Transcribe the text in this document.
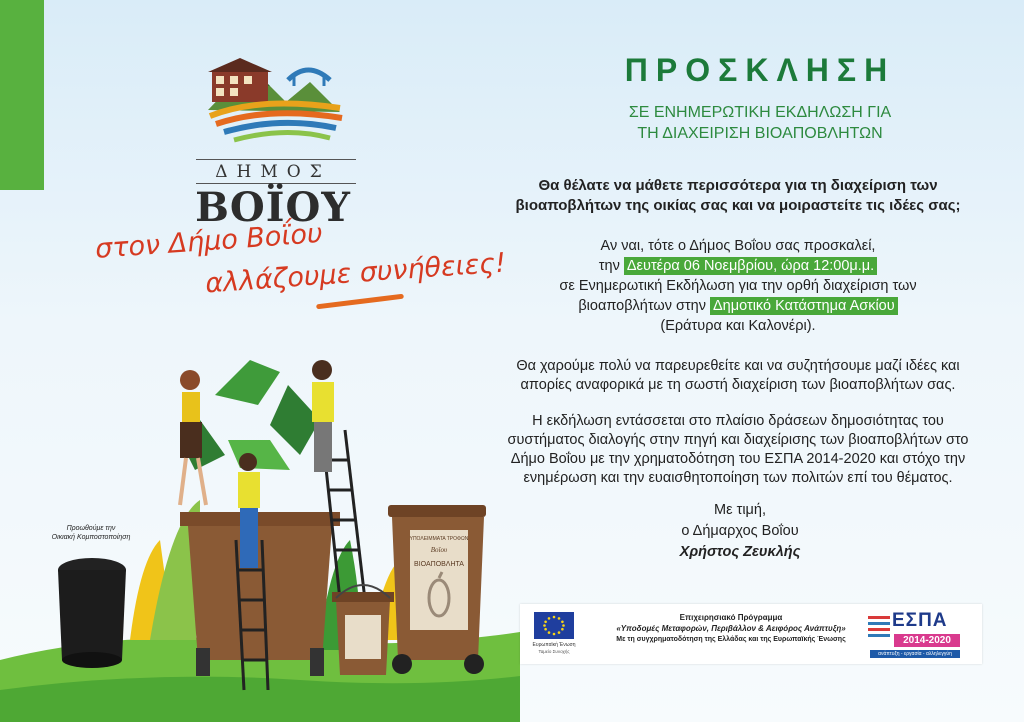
ΔΗΜΟΣ
ΒΟΪΟΥ
στον Δήμο Βοΐου
αλλάζουμε συνήθειες!
ΠΡΟΣΚΛΗΣΗ
ΣΕ ΕΝΗΜΕΡΩΤΙΚΗ ΕΚΔΗΛΩΣΗ ΓΙΑ
ΤΗ ΔΙΑΧΕΙΡΙΣΗ ΒΙΟΑΠΟΒΛΗΤΩΝ
Θα θέλατε να μάθετε περισσότερα για τη διαχείριση των
βιοαποβλήτων της οικίας σας και να μοιραστείτε τις ιδέες σας;
Αν ναι, τότε ο Δήμος Βοΐου σας προσκαλεί,
την Δευτέρα 06 Νοεμβρίου, ώρα 12:00μ.μ.
σε Ενημερωτική Εκδήλωση για την ορθή διαχείριση των
βιοαποβλήτων στην Δημοτικό Κατάστημα Ασκίου
(Εράτυρα και Καλονέρι).
Θα χαρούμε πολύ να παρευρεθείτε και να συζητήσουμε μαζί ιδέες και
απορίες αναφορικά με τη σωστή διαχείριση των βιοαποβλήτων σας.
Η εκδήλωση εντάσσεται στο πλαίσιο δράσεων δημοσιότητας του
συστήματος διαλογής στην πηγή και διαχείρισης των βιοαποβλήτων στο
Δήμο Βοΐου με την χρηματοδότηση του ΕΣΠΑ 2014-2020 και στόχο την
ενημέρωση και την ευαισθητοποίηση των πολιτών επί του θέματος.
Με τιμή,
ο Δήμαρχος Βοΐου
Χρήστος Ζευκλής
ΥΠΟΛΕΙΜΜΑΤΑ ΤΡΟΦΩΝ
Βοΐου
ΒΙΟΑΠΟΒΛΗΤΑ
Προωθούμε την
Οικιακή Κομποστοποίηση
Ευρωπαϊκή Ένωση
Ταμείο Συνοχής
Επιχειρησιακό Πρόγραμμα
«Υποδομές Μεταφορών, Περιβάλλον & Αειφόρος Ανάπτυξη»
Με τη συγχρηματοδότηση της Ελλάδας και της Ευρωπαϊκής Ένωσης
ΕΣΠΑ
2014-2020
ανάπτυξη - εργασία - αλληλεγγύη
